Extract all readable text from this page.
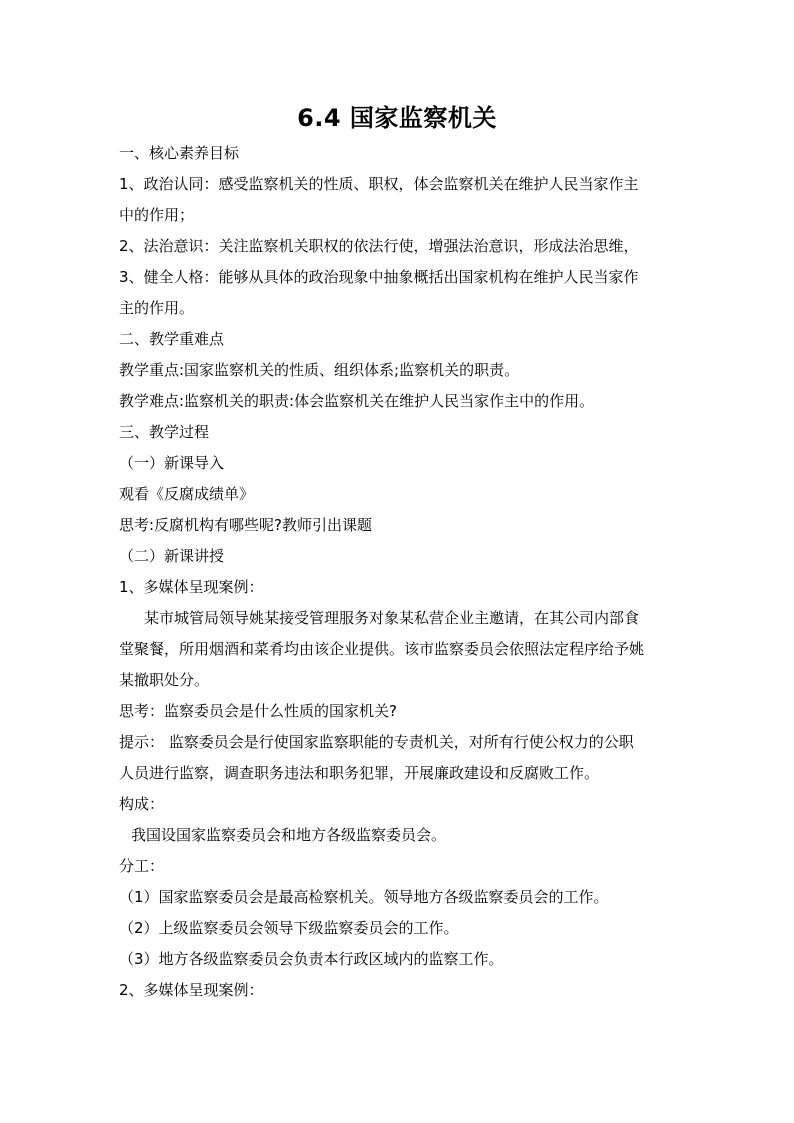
6.4 国家监察机关
一、核心素养目标
1、政治认同：感受监察机关的性质、职权，体会监察机关在维护人民当家作主
中的作用；
2、法治意识：关注监察机关职权的依法行使，增强法治意识，形成法治思维，
3、健全人格：能够从具体的政治现象中抽象概括出国家机构在维护人民当家作
主的作用。
二、教学重难点
教学重点:国家监察机关的性质、组织体系;监察机关的职责。
教学难点:监察机关的职责:体会监察机关在维护人民当家作主中的作用。
三、教学过程
（一）新课导入
观看《反腐成绩单》
思考:反腐机构有哪些呢?教师引出课题
（二）新课讲授
1、多媒体呈现案例：
某市城管局领导姚某接受管理服务对象某私营企业主邀请，在其公司内部食
堂聚餐，所用烟酒和菜肴均由该企业提供。该市监察委员会依照法定程序给予姚
某撤职处分。
思考：监察委员会是什么性质的国家机关?
提示： 监察委员会是行使国家监察职能的专责机关，对所有行使公权力的公职
人员进行监察，调查职务违法和职务犯罪，开展廉政建设和反腐败工作。
构成：
我国设国家监察委员会和地方各级监察委员会。
分工：
（1）国家监察委员会是最高检察机关。领导地方各级监察委员会的工作。
（2）上级监察委员会领导下级监察委员会的工作。
（3）地方各级监察委员会负责本行政区域内的监察工作。
2、多媒体呈现案例：
